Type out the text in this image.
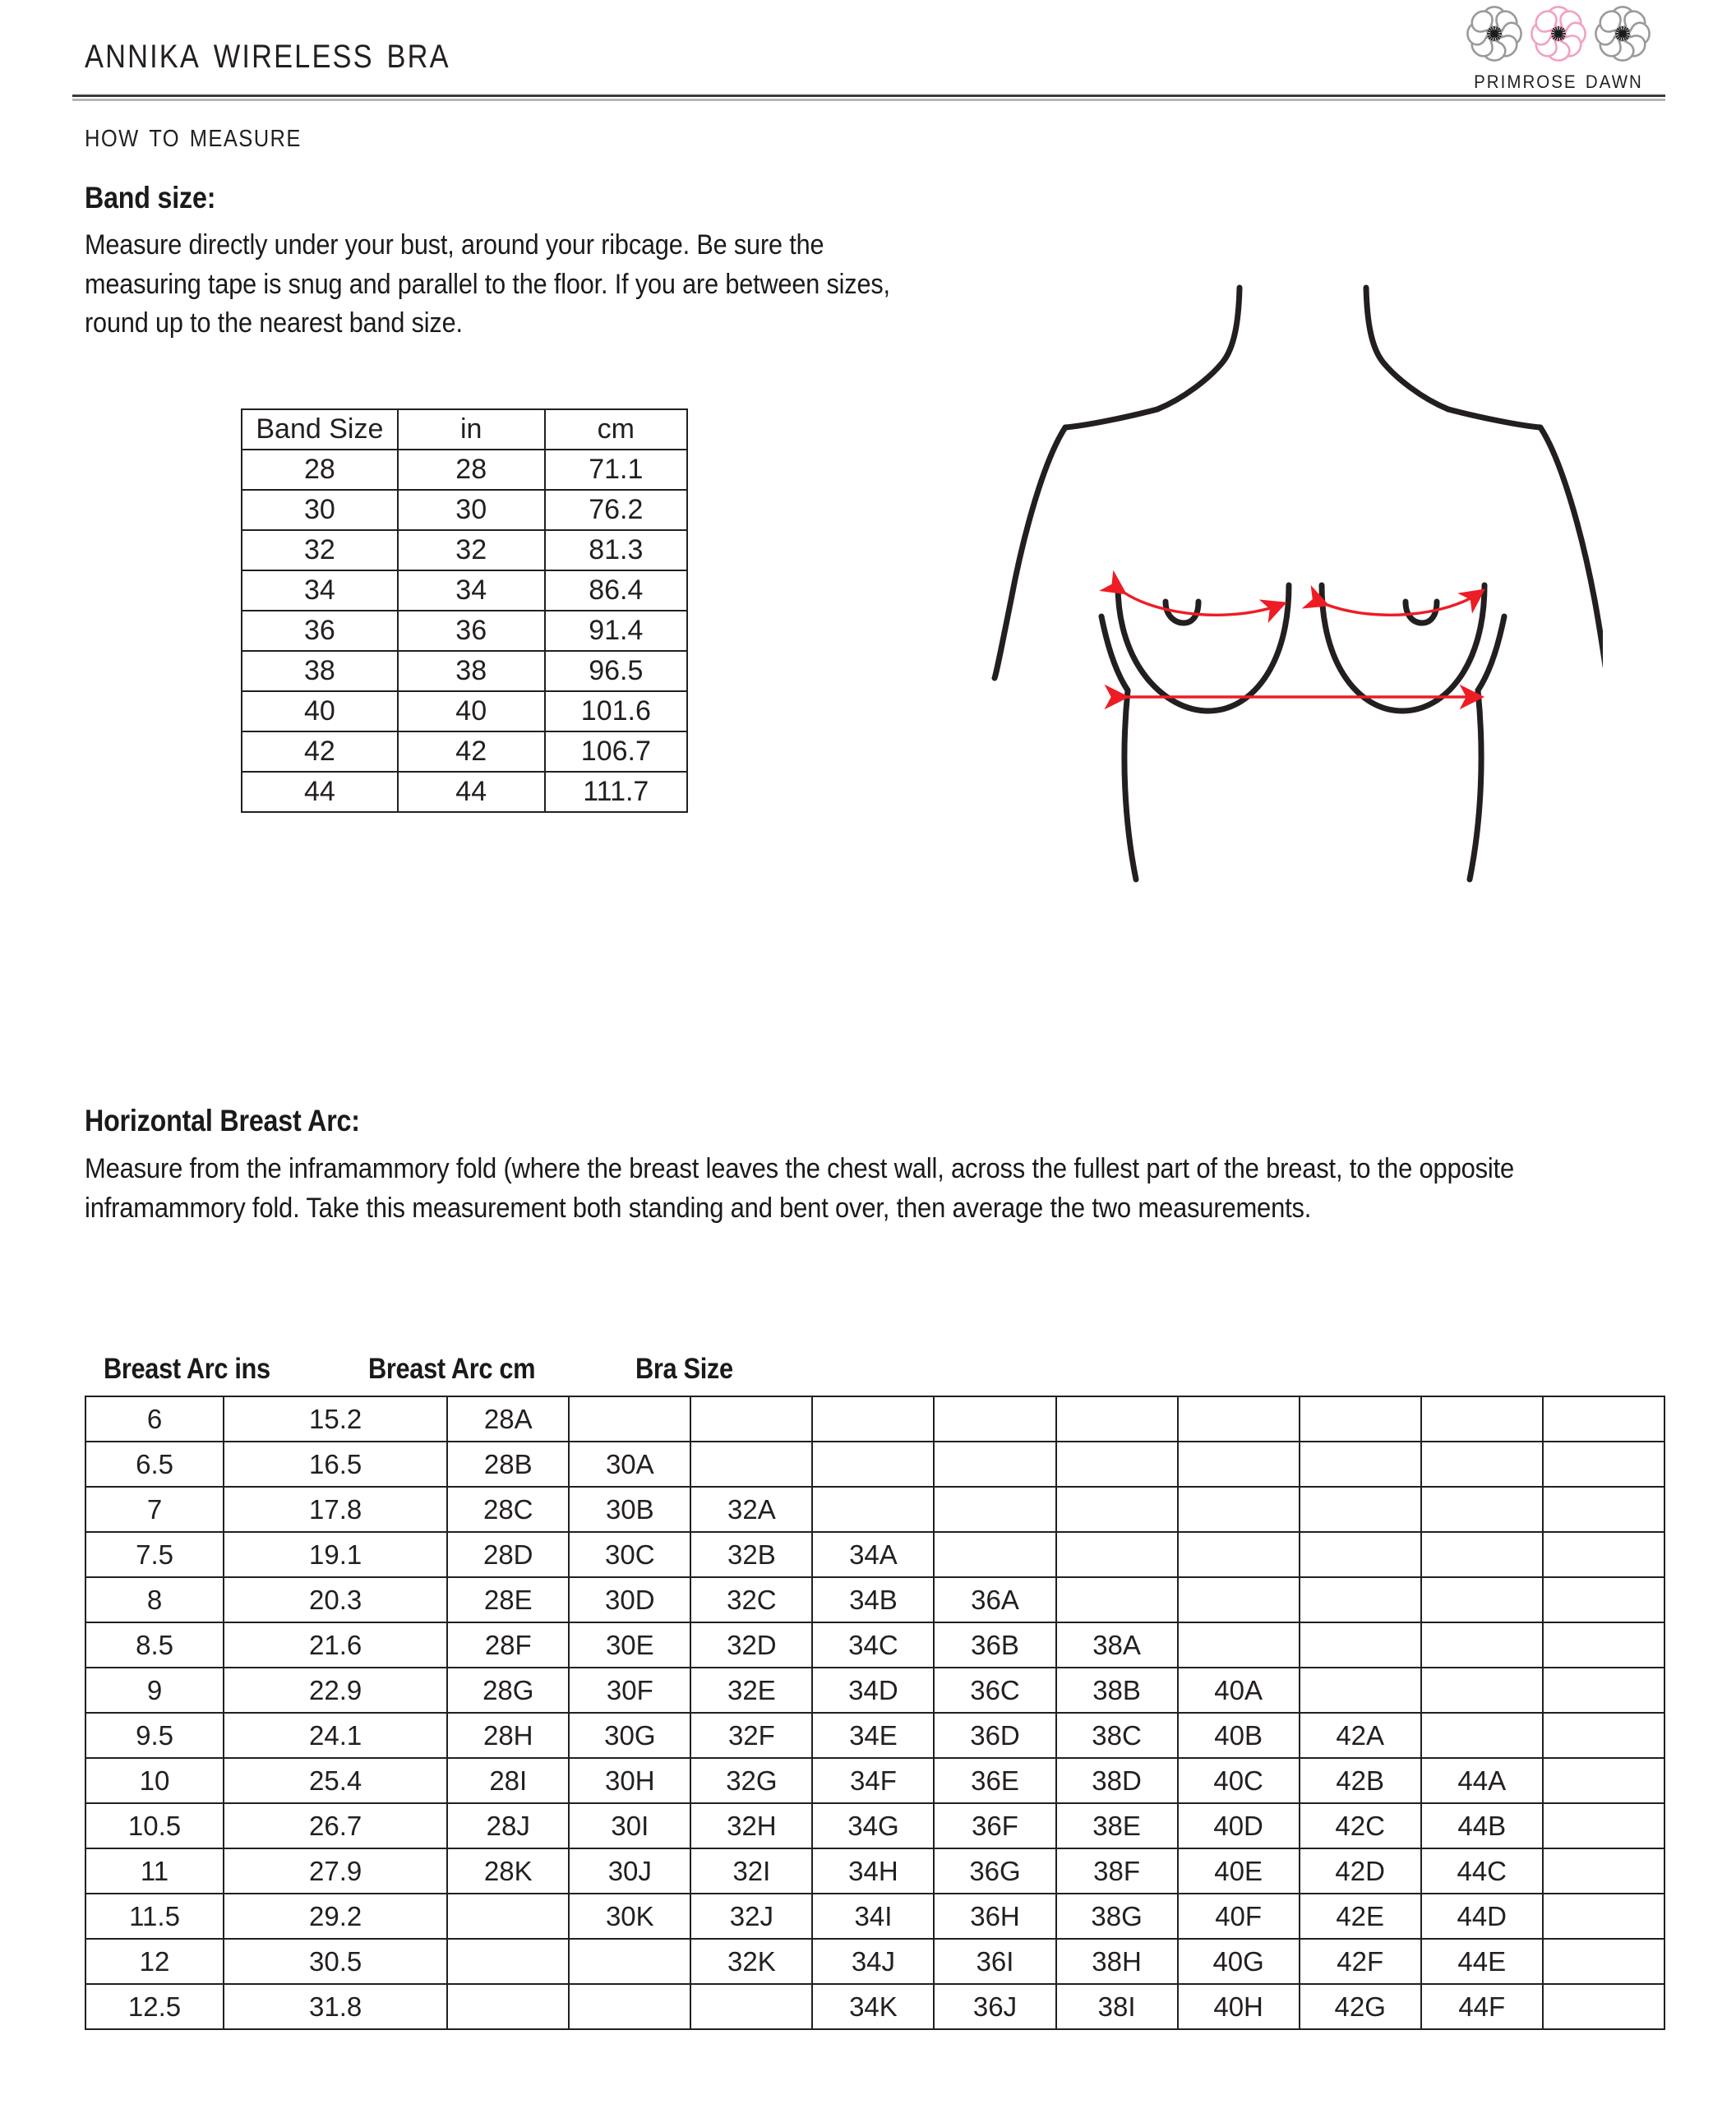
annika wireless bra
primrose dawn
how to measure
Band size:
Measure directly under your bust, around your ribcage. Be sure the measuring tape is snug and parallel to the floor. If you are between sizes, round up to the nearest band size.
Band Size	in	cm
28	28	71.1
30	30	76.2
32	32	81.3
34	34	86.4
36	36	91.4
38	38	96.5
40	40	101.6
42	42	106.7
44	44	111.7
Horizontal Breast Arc:
Measure from the inframammory fold (where the breast leaves the chest wall, across the fullest part of the breast, to the opposite inframammory fold. Take this measurement both standing and bent over, then average the two measurements.
Breast Arc ins	Breast Arc cm	Bra Size
6	15.2	28A									
6.5	16.5	28B	30A								
7	17.8	28C	30B	32A							
7.5	19.1	28D	30C	32B	34A						
8	20.3	28E	30D	32C	34B	36A					
8.5	21.6	28F	30E	32D	34C	36B	38A				
9	22.9	28G	30F	32E	34D	36C	38B	40A			
9.5	24.1	28H	30G	32F	34E	36D	38C	40B	42A		
10	25.4	28I	30H	32G	34F	36E	38D	40C	42B	44A	
10.5	26.7	28J	30I	32H	34G	36F	38E	40D	42C	44B	
11	27.9	28K	30J	32I	34H	36G	38F	40E	42D	44C	
11.5	29.2		30K	32J	34I	36H	38G	40F	42E	44D	
12	30.5			32K	34J	36I	38H	40G	42F	44E	
12.5	31.8				34K	36J	38I	40H	42G	44F	
